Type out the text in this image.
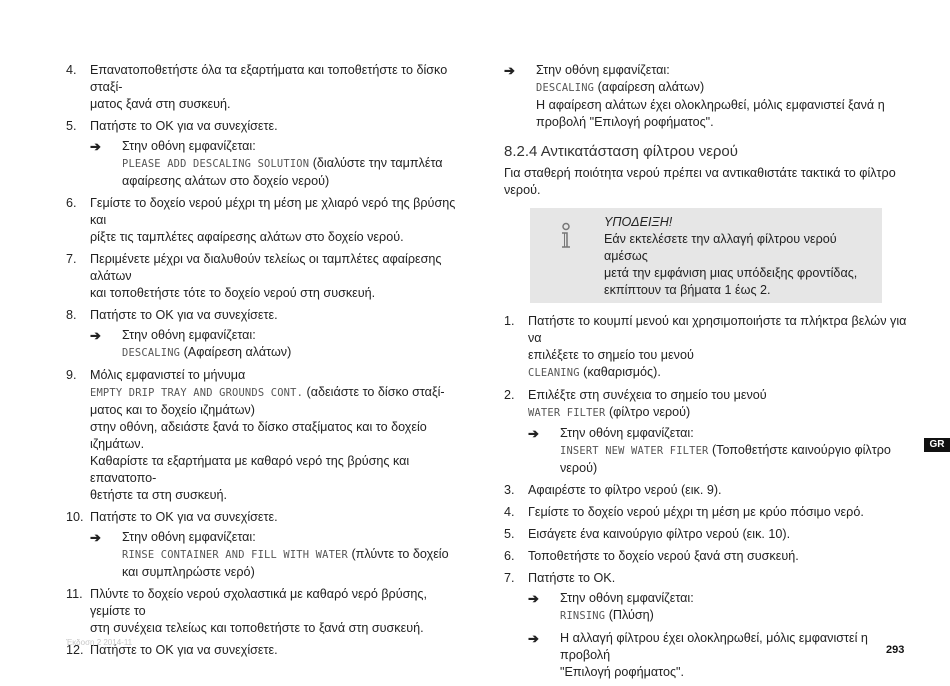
4. Επανατοποθετήστε όλα τα εξαρτήματα και τοποθετήστε το δίσκο σταξί-
ματος ξανά στη συσκευή.
5. Πατήστε το ΟΚ για να συνεχίσετε.
➔ Στην οθόνη εμφανίζεται:
PLEASE ADD DESCALING SOLUTION (διαλύστε την ταμπλέτα
αφαίρεσης αλάτων στο δοχείο νερού)
6. Γεμίστε το δοχείο νερού μέχρι τη μέση με χλιαρό νερό της βρύσης και
ρίξτε τις ταμπλέτες αφαίρεσης αλάτων στο δοχείο νερού.
7. Περιμένετε μέχρι να διαλυθούν τελείως οι ταμπλέτες αφαίρεσης αλάτων
και τοποθετήστε τότε το δοχείο νερού στη συσκευή.
8. Πατήστε το ΟΚ για να συνεχίσετε.
➔ Στην οθόνη εμφανίζεται:
DESCALING (Αφαίρεση αλάτων)
9. Μόλις εμφανιστεί το μήνυμα
EMPTY DRIP TRAY AND GROUNDS CONT. (αδειάστε το δίσκο σταξί-
ματος και το δοχείο ιζημάτων)
στην οθόνη, αδειάστε ξανά το δίσκο σταξίματος και το δοχείο ιζημάτων.
Καθαρίστε τα εξαρτήματα με καθαρό νερό της βρύσης και επανατοπο-
θετήστε τα στη συσκευή.
10. Πατήστε το ΟΚ για να συνεχίσετε.
➔ Στην οθόνη εμφανίζεται:
RINSE CONTAINER AND FILL WITH WATER (πλύντε το δοχείο
και συμπληρώστε νερό)
11. Πλύντε το δοχείο νερού σχολαστικά με καθαρό νερό βρύσης, γεμίστε το
στη συνέχεια τελείως και τοποθετήστε το ξανά στη συσκευή.
12. Πατήστε το ΟΚ για να συνεχίσετε.
➔ Στην οθόνη εμφανίζεται:
DESCALING (αφαίρεση αλάτων)
Η αφαίρεση αλάτων έχει ολοκληρωθεί, μόλις εμφανιστεί ξανά η
προβολή "Επιλογή ροφήματος".
8.2.4 Αντικατάσταση φίλτρου νερού
Για σταθερή ποιότητα νερού πρέπει να αντικαθιστάτε τακτικά το φίλτρο νερού.
ΥΠΟΔΕΙΞΗ!
Εάν εκτελέσετε την αλλαγή φίλτρου νερού αμέσως
μετά την εμφάνιση μιας υπόδειξης φροντίδας,
εκπίπτουν τα βήματα 1 έως 2.
1. Πατήστε το κουμπί μενού και χρησιμοποιήστε τα πλήκτρα βελών για να
επιλέξετε το σημείο του μενού
CLEANING (καθαρισμός).
2. Επιλέξτε στη συνέχεια το σημείο του μενού
WATER FILTER (φίλτρο νερού)
➔ Στην οθόνη εμφανίζεται:
INSERT NEW WATER FILTER (Τοποθετήστε καινούργιο φίλτρο νερού)
3. Αφαιρέστε το φίλτρο νερού (εικ. 9).
4. Γεμίστε το δοχείο νερού μέχρι τη μέση με κρύο πόσιμο νερό.
5. Εισάγετε ένα καινούργιο φίλτρο νερού (εικ. 10).
6. Τοποθετήστε το δοχείο νερού ξανά στη συσκευή.
7. Πατήστε το ΟΚ.
➔ Στην οθόνη εμφανίζεται:
RINSING (Πλύση)
➔ Η αλλαγή φίλτρου έχει ολοκληρωθεί, μόλις εμφανιστεί η προβολή
"Επιλογή ροφήματος".
GR
Έκδοση 2 2014-11
293
